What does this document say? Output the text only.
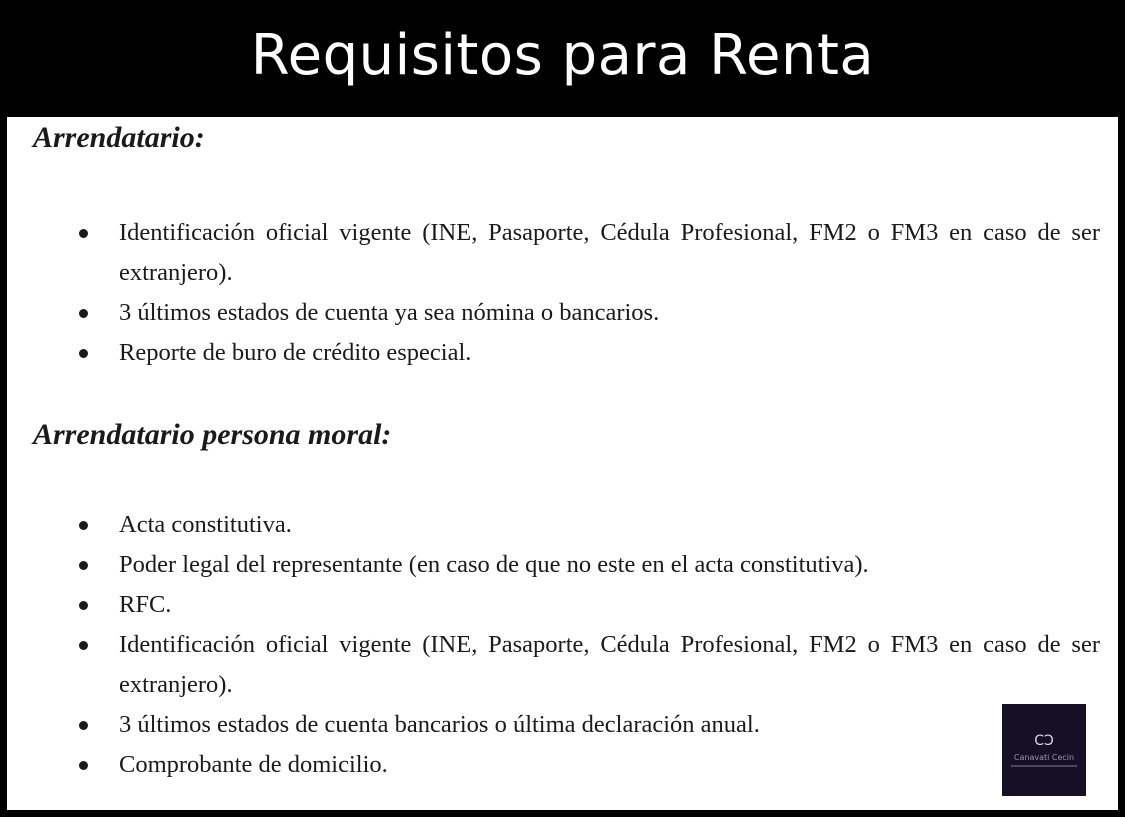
Requisitos para Renta
Arrendatario:
Identificación oficial vigente (INE, Pasaporte, Cédula Profesional, FM2 o FM3 en caso de ser extranjero).
3 últimos estados de cuenta ya sea nómina o bancarios.
Reporte de buro de crédito especial.
Arrendatario persona moral:
Acta constitutiva.
Poder legal del representante (en caso de que no este en el acta constitutiva).
RFC.
Identificación oficial vigente (INE, Pasaporte, Cédula Profesional, FM2 o FM3 en caso de ser extranjero).
3 últimos estados de cuenta bancarios o última declaración anual.
Comprobante de domicilio.
CƆ
Canavati Cecin
